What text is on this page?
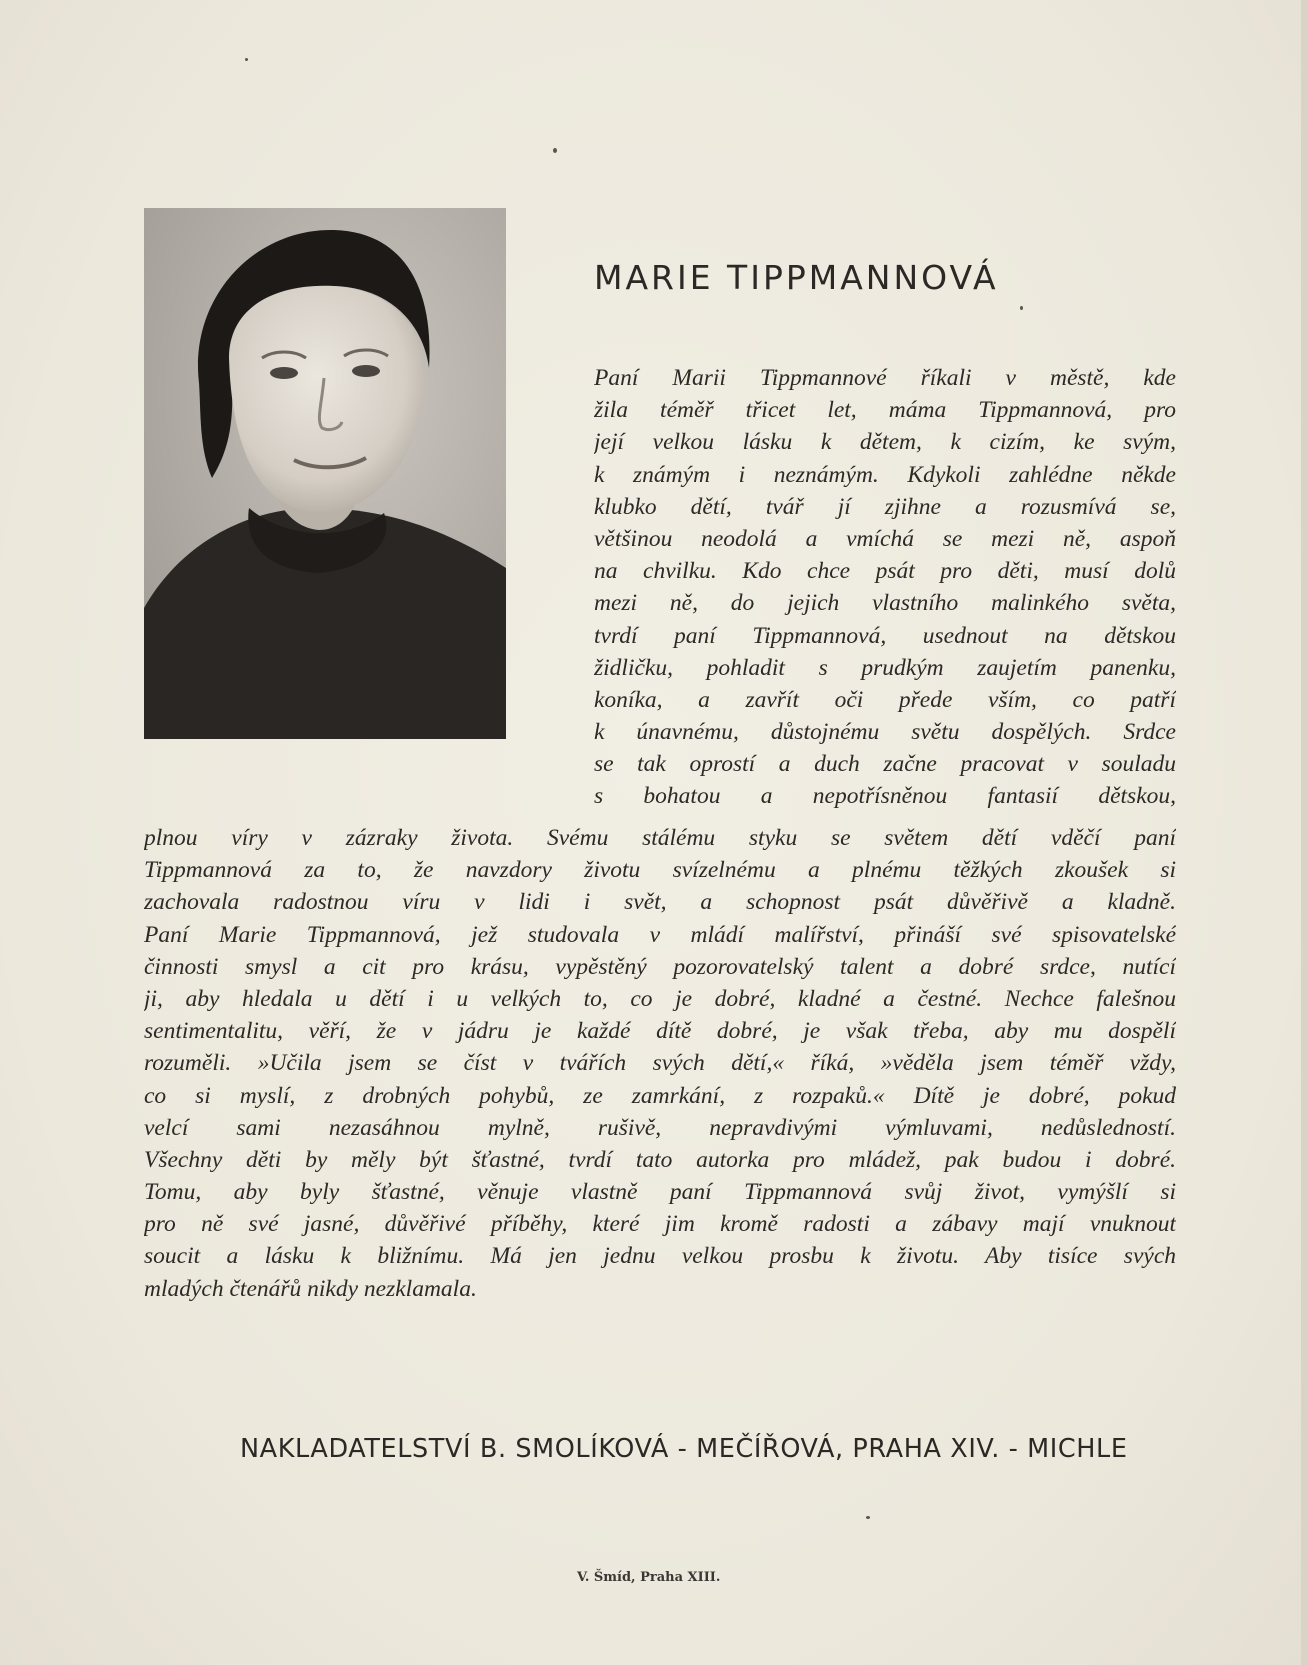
MARIE TIPPMANNOVÁ
Paní Marii Tippmannové říkali v městě, kde
žila téměř třicet let, máma Tippmannová, pro
její velkou lásku k dětem, k cizím, ke svým,
k známým i neznámým. Kdykoli zahlédne někde
klubko dětí, tvář jí zjihne a rozusmívá se,
většinou neodolá a vmíchá se mezi ně, aspoň
na chvilku. Kdo chce psát pro děti, musí dolů
mezi ně, do jejich vlastního malinkého světa,
tvrdí paní Tippmannová, usednout na dětskou
židličku, pohladit s prudkým zaujetím panenku,
koníka, a zavřít oči přede vším, co patří
k únavnému, důstojnému světu dospělých. Srdce
se tak oprostí a duch začne pracovat v souladu
s bohatou a nepotřísněnou fantasií dětskou,
plnou víry v zázraky života. Svému stálému styku se světem dětí vděčí paní
Tippmannová za to, že navzdory životu svízelnému a plnému těžkých zkoušek si
zachovala radostnou víru v lidi i svět, a schopnost psát důvěřivě a kladně.
Paní Marie Tippmannová, jež studovala v mládí malířství, přináší své spisovatelské
činnosti smysl a cit pro krásu, vypěstěný pozorovatelský talent a dobré srdce, nutící
ji, aby hledala u dětí i u velkých to, co je dobré, kladné a čestné. Nechce falešnou
sentimentalitu, věří, že v jádru je každé dítě dobré, je však třeba, aby mu dospělí
rozuměli. »Učila jsem se číst v tvářích svých dětí,« říká, »věděla jsem téměř vždy,
co si myslí, z drobných pohybů, ze zamrkání, z rozpaků.« Dítě je dobré, pokud
velcí sami nezasáhnou mylně, rušivě, nepravdivými výmluvami, nedůsledností.
Všechny děti by měly být šťastné, tvrdí tato autorka pro mládež, pak budou i dobré.
Tomu, aby byly šťastné, věnuje vlastně paní Tippmannová svůj život, vymýšlí si
pro ně své jasné, důvěřivé příběhy, které jim kromě radosti a zábavy mají vnuknout
soucit a lásku k bližnímu. Má jen jednu velkou prosbu k životu. Aby tisíce svých
mladých čtenářů nikdy nezklamala.
NAKLADATELSTVÍ B. SMOLÍKOVÁ - MEČÍŘOVÁ, PRAHA XIV. - MICHLE
V. Šmíd, Praha XIII.
